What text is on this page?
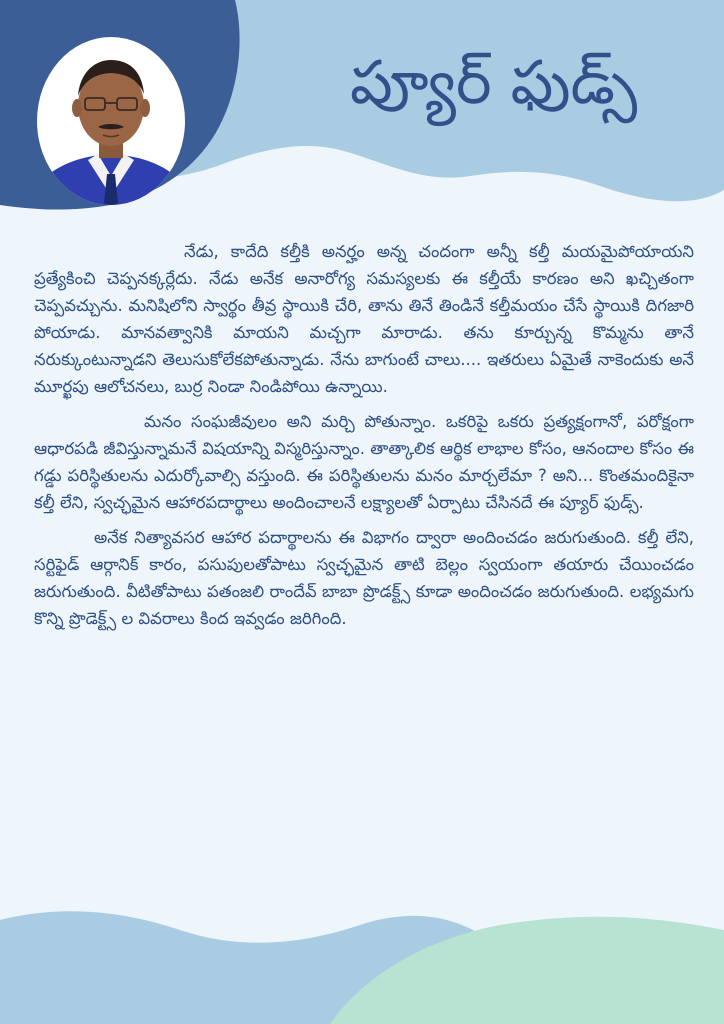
ప్యూర్ ఫుడ్స్

నేడు, కాదేది కల్తీకి అనర్హం అన్న చందంగా అన్నీ కల్తీ మయమైపోయాయని ప్రత్యేకించి చెప్పనక్కర్లేదు. నేడు అనేక అనారోగ్య సమస్యలకు ఈ కల్తీయే కారణం అని ఖచ్చితంగా చెప్పవచ్చును. మనిషిలోని స్వార్థం తీవ్ర స్థాయికి చేరి, తాను తినే తిండినే కల్తీమయం చేసే స్థాయికి దిగజారి పోయాడు. మానవత్వానికి మాయని మచ్చగా మారాడు. తను కూర్చున్న కొమ్మను తానే నరుక్కుంటున్నాడని తెలుసుకోలేకపోతున్నాడు. నేను బాగుంటే చాలు.... ఇతరులు ఏమైతే నాకెందుకు అనే మూర్ఖపు ఆలోచనలు, బుర్ర నిండా నిండిపోయి ఉన్నాయి.

మనం సంఘజీవులం అని మర్చి పోతున్నాం. ఒకరిపై ఒకరు ప్రత్యక్షంగానో, పరోక్షంగా ఆధారపడి జీవిస్తున్నామనే విషయాన్ని విస్మరిస్తున్నాం. తాత్కాలిక ఆర్థిక లాభాల కోసం, ఆనందాల కోసం ఈ గడ్డు పరిస్థితులను ఎదుర్కోవాల్సి వస్తుంది. ఈ పరిస్థితులను మనం మార్చలేమా ? అని... కొంతమందికైనా కల్తీ లేని, స్వచ్ఛమైన ఆహారపదార్థాలు అందించాలనే లక్ష్యాలతో ఏర్పాటు చేసినదే ఈ ప్యూర్ ఫుడ్స్.

అనేక నిత్యావసర ఆహార పదార్థాలను ఈ విభాగం ద్వారా అందించడం జరుగుతుంది. కల్తీ లేని, సర్టిఫైడ్ ఆర్గానిక్ కారం, పసుపులతోపాటు స్వచ్ఛమైన తాటి బెల్లం స్వయంగా తయారు చేయించడం జరుగుతుంది. వీటితోపాటు పతంజలి రాందేవ్ బాబా ప్రొడక్ట్స్ కూడా అందించడం జరుగుతుంది. లభ్యమగు కొన్ని ప్రొడెక్ట్స్ ల వివరాలు కింద ఇవ్వడం జరిగింది.
